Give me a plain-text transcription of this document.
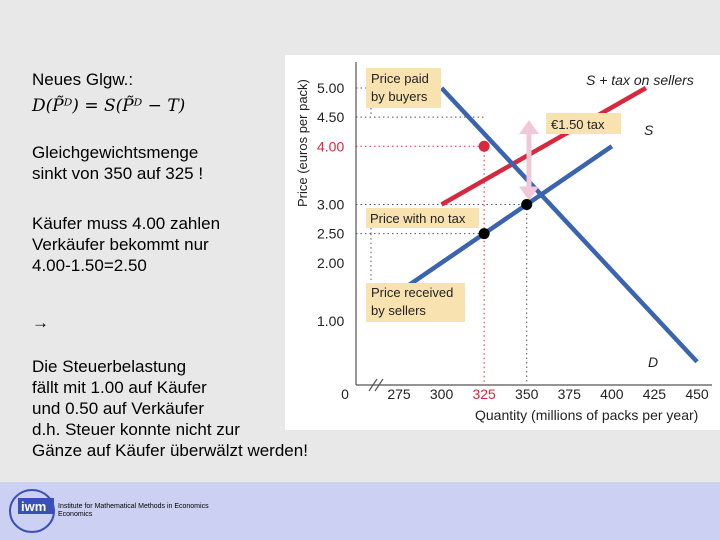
Neues Glgw.:
D(P̃ᴰ) = S(P̃ᴰ − T)
Gleichgewichtsmenge
sinkt von 350 auf 325 !
Käufer muss 4.00 zahlen
Verkäufer bekommt nur
4.00-1.50=2.50
→
Die Steuerbelastung
fällt mit 1.00 auf Käufer
und 0.50 auf Verkäufer
d.h. Steuer konnte nicht zur
Gänze auf Käufer überwälzt werden!
1.00
2.00
2.50
3.00
4.00
4.50
5.00
275 300 325 350 375 400 425 450
0
Price paid
by buyers
€1.50 tax
Price with no tax
Price received
by sellers
S + tax on sellers
S
D
Quantity (millions of packs per year)
Price (euros per pack)
iwm Institute for Mathematical Methods in Economics
Economics
